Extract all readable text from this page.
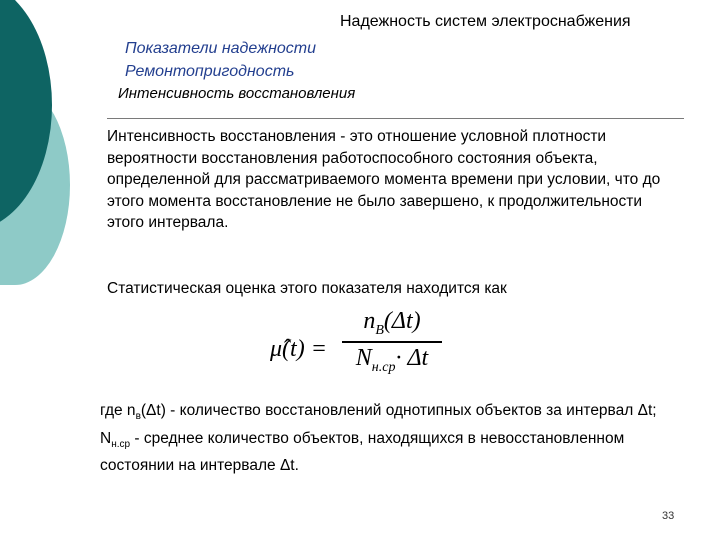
Надежность систем электроснабжения
Показатели надежности
Ремонтопригодность
Интенсивность восстановления
Интенсивность восстановления - это отношение условной плотности вероятности восстановления работоспособного состояния объекта, определенной для рассматриваемого момента времени при условии, что до этого момента восстановление не было завершено, к продолжительности этого интервала.
Статистическая оценка этого показателя находится как
μ̂(t) =
$n_B(\Delta t)$
$N_{н.ср}\cdot \Delta t$
где $n_в(\Delta t)$ - количество восстановлений однотипных объектов за интервал Δt; $N_{н.ср}$ - среднее количество объектов, находящихся в невосстановленном состоянии на интервале Δt.
33
